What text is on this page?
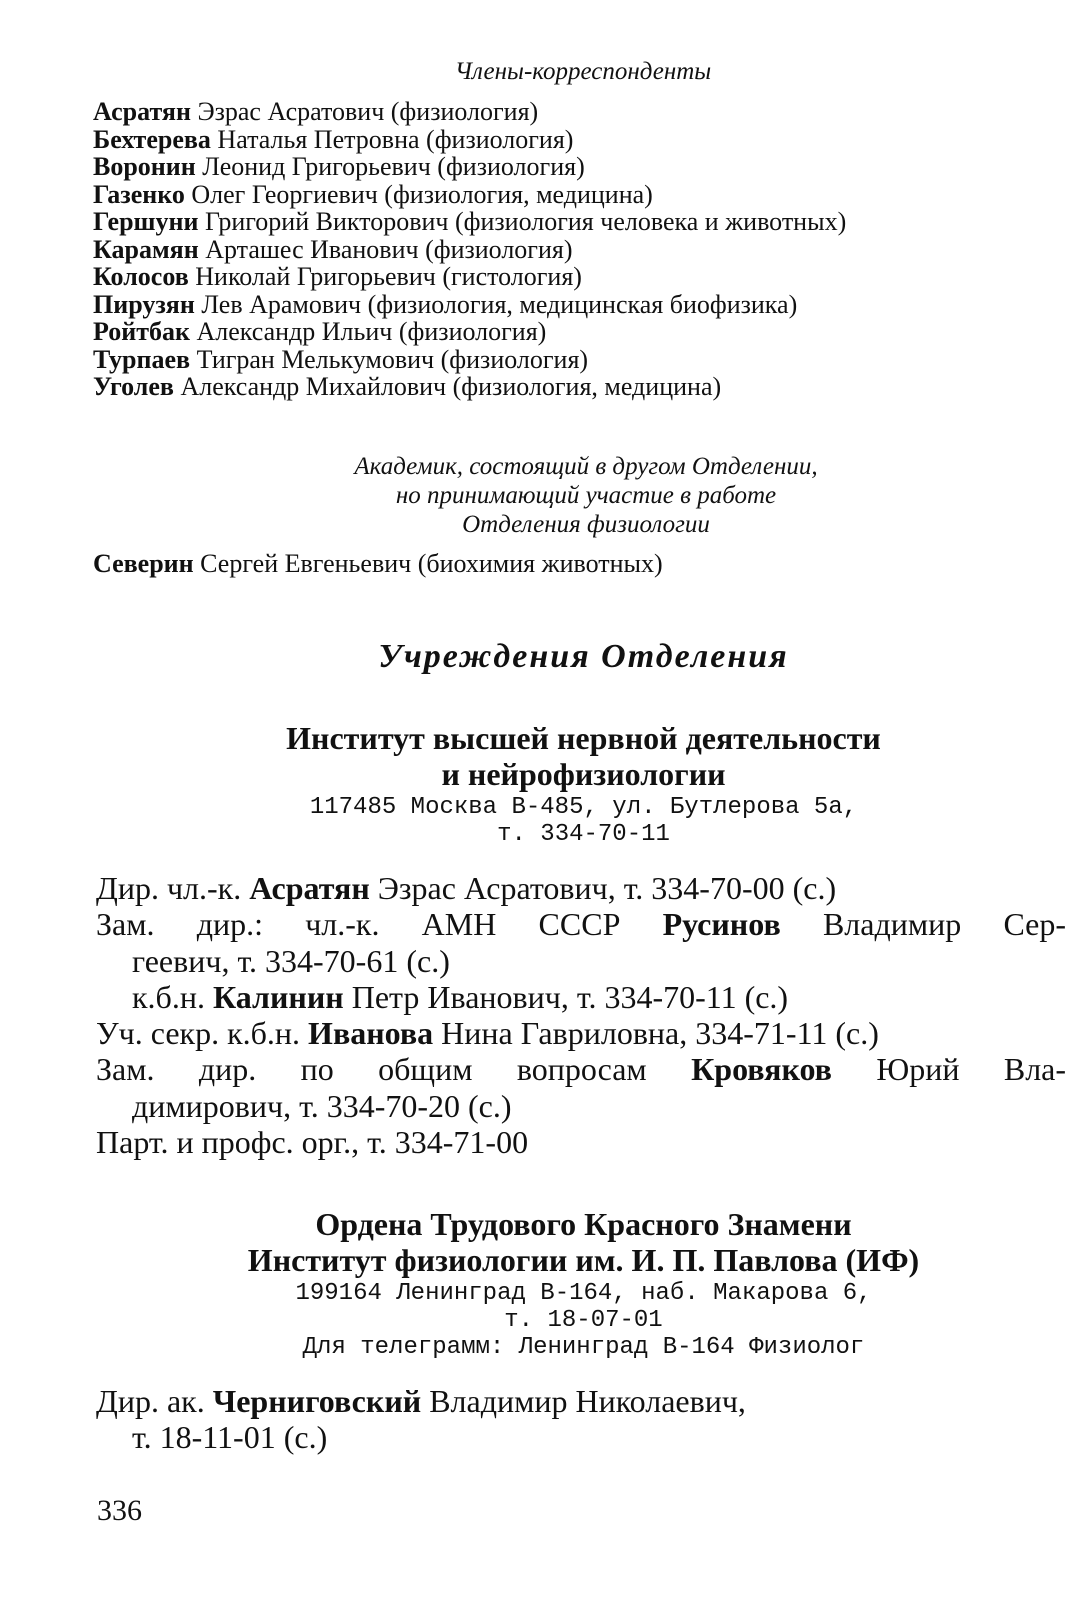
Члены-корреспонденты
Асратян Эзрас Асратович (физиология)
Бехтерева Наталья Петровна (физиология)
Воронин Леонид Григорьевич (физиология)
Газенко Олег Георгиевич (физиология, медицина)
Гершуни Григорий Викторович (физиология человека и животных)
Карамян Арташес Иванович (физиология)
Колосов Николай Григорьевич (гистология)
Пирузян Лев Арамович (физиология, медицинская биофизика)
Ройтбак Александр Ильич (физиология)
Турпаев Тигран Мелькумович (физиология)
Уголев Александр Михайлович (физиология, медицина)
Академик, состоящий в другом Отделении,
но принимающий участие в работе
Отделения физиологии
Северин Сергей Евгеньевич (биохимия животных)
Учреждения Отделения
Институт высшей нервной деятельности
и нейрофизиологии
117485 Москва В-485, ул. Бутлерова 5а,
т. 334-70-11
Дир. чл.-к. Асратян Эзрас Асратович, т. 334-70-00 (с.)
Зам. дир.: чл.-к. АМН СССР Русинов Владимир Сер-
геевич, т. 334-70-61 (с.)
к.б.н. Калинин Петр Иванович, т. 334-70-11 (с.)
Уч. секр. к.б.н. Иванова Нина Гавриловна, 334-71-11 (с.)
Зам. дир. по общим вопросам Кровяков Юрий Вла-
димирович, т. 334-70-20 (с.)
Парт. и профс. орг., т. 334-71-00
Ордена Трудового Красного Знамени
Институт физиологии им. И. П. Павлова (ИФ)
199164 Ленинград В-164, наб. Макарова 6,
т. 18-07-01
Для телеграмм: Ленинград В-164 Физиолог
Дир. ак. Черниговский Владимир Николаевич,
т. 18-11-01 (с.)
336
